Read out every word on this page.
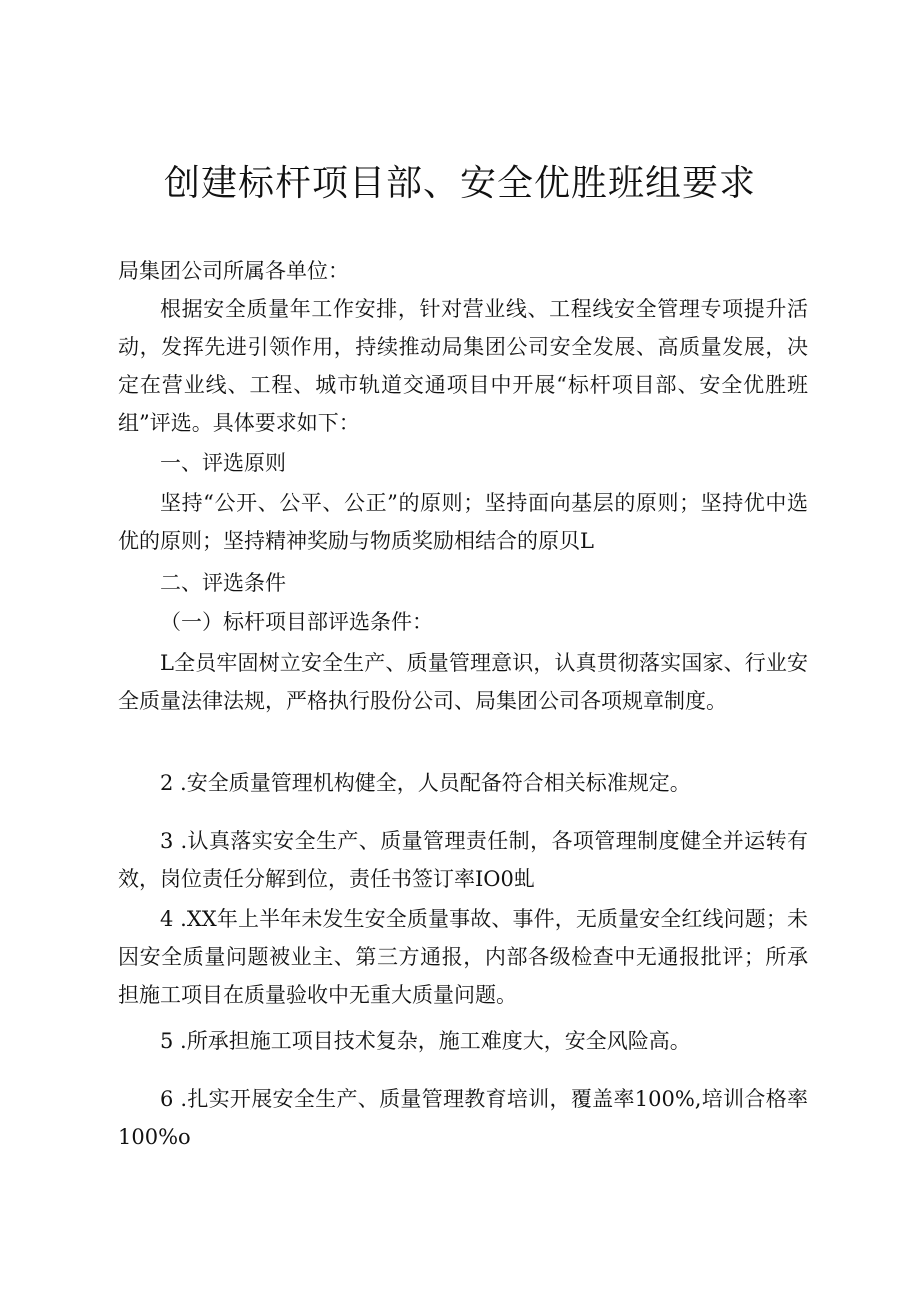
创建标杆项目部、安全优胜班组要求
局集团公司所属各单位：
根据安全质量年工作安排，针对营业线、工程线安全管理专项提升活动，发挥先进引领作用，持续推动局集团公司安全发展、高质量发展，决定在营业线、工程、城市轨道交通项目中开展“标杆项目部、安全优胜班组”评选。具体要求如下：
一、评选原则
坚持“公开、公平、公正”的原则；坚持面向基层的原则；坚持优中选优的原则；坚持精神奖励与物质奖励相结合的原贝L
二、评选条件
（一）标杆项目部评选条件：
L全员牢固树立安全生产、质量管理意识，认真贯彻落实国家、行业安全质量法律法规，严格执行股份公司、局集团公司各项规章制度。
2 .安全质量管理机构健全，人员配备符合相关标准规定。
3 .认真落实安全生产、质量管理责任制，各项管理制度健全并运转有效，岗位责任分解到位，责任书签订率IO0虬
4 .XX年上半年未发生安全质量事故、事件，无质量安全红线问题；未因安全质量问题被业主、第三方通报，内部各级检查中无通报批评；所承担施工项目在质量验收中无重大质量问题。
5 .所承担施工项目技术复杂，施工难度大，安全风险高。
6 .扎实开展安全生产、质量管理教育培训，覆盖率100%,培训合格率100%o
